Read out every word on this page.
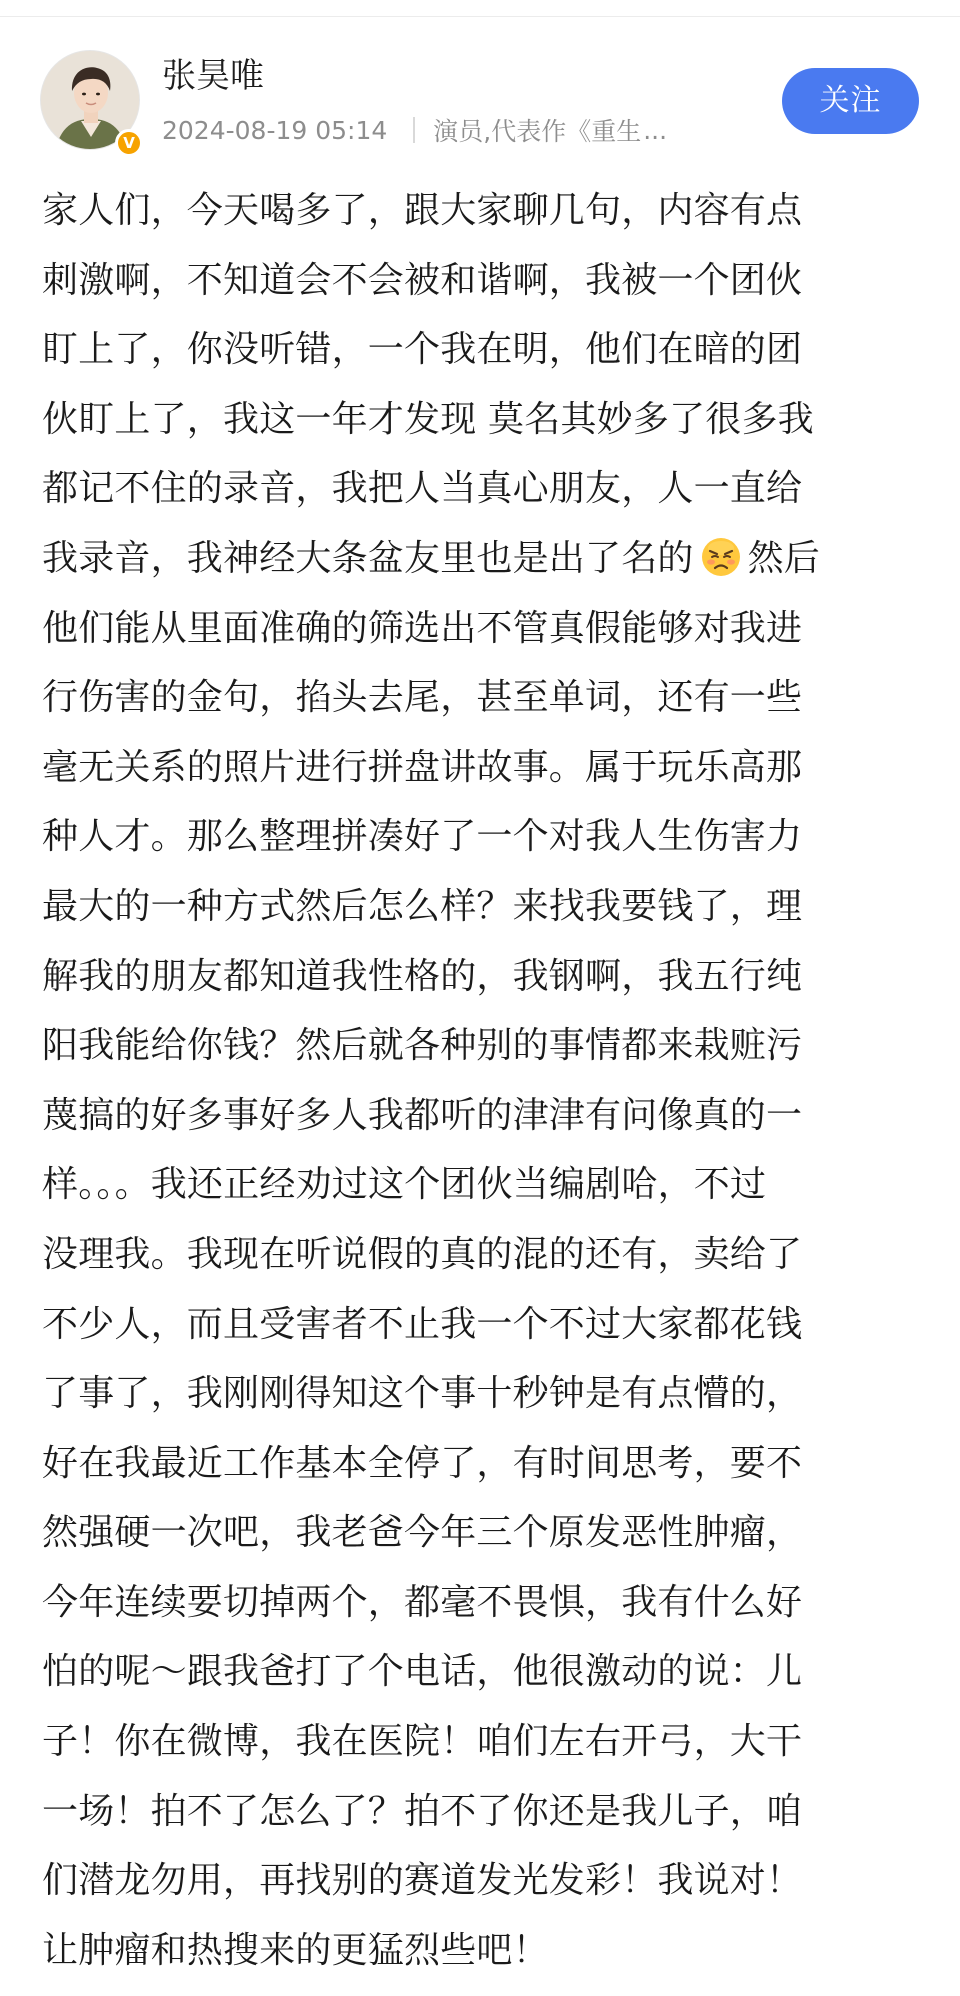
V
张昊唯
2024-08-19 05:14 演员,代表作《重生 ...
关注
家人们，今天喝多了，跟大家聊几句，内容有点
刺激啊，不知道会不会被和谐啊，我被一个团伙
盯上了，你没听错，一个我在明，他们在暗的团
伙盯上了，我这一年才发现 莫名其妙多了很多我
都记不住的录音，我把人当真心朋友，人一直给
我录音，我神经大条盆友里也是出了名的 然后
他们能从里面准确的筛选出不管真假能够对我进
行伤害的金句，掐头去尾，甚至单词，还有一些
毫无关系的照片进行拼盘讲故事。属于玩乐高那
种人才。那么整理拼凑好了一个对我人生伤害力
最大的一种方式然后怎么样？来找我要钱了，理
解我的朋友都知道我性格的，我钢啊，我五行纯
阳我能给你钱？然后就各种别的事情都来栽赃污
蔑搞的好多事好多人我都听的津津有问像真的一
样。。。我还正经劝过这个团伙当编剧哈，不过
没理我。我现在听说假的真的混的还有，卖给了
不少人，而且受害者不止我一个不过大家都花钱
了事了，我刚刚得知这个事十秒钟是有点懵的，
好在我最近工作基本全停了，有时间思考，要不
然强硬一次吧，我老爸今年三个原发恶性肿瘤，
今年连续要切掉两个，都毫不畏惧，我有什么好
怕的呢～跟我爸打了个电话，他很激动的说：儿
子！你在微博，我在医院！咱们左右开弓，大干
一场！拍不了怎么了？拍不了你还是我儿子，咱
们潜龙勿用，再找别的赛道发光发彩！我说对！
让肿瘤和热搜来的更猛烈些吧！
